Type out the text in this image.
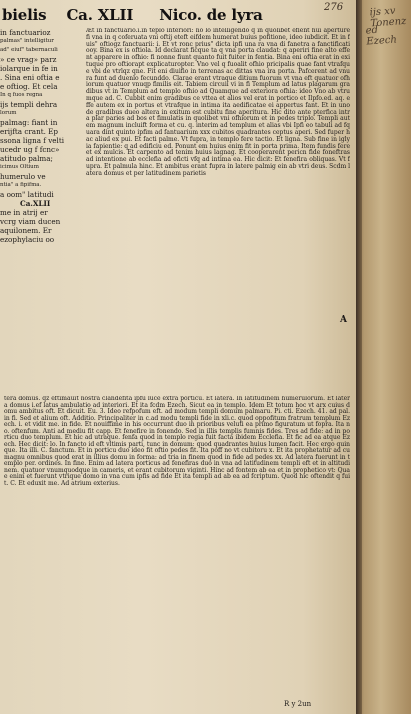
bielis Ca. XLII Nico. de lyra	276
in fanctuarioz
palmas" intelligitur
ad" eiuf" tabernaculi
» ce vrag» parz
iolarque in fe in
. Sina eni oftia e
e oftiog. Et cela
In q fuos regna
ijs templi dehra
lorum
palmag: fiant in
erijfta crant. Ep
ssona ligna f velti
ucedr ug f fcnc»
atitudo palma;
icimus Oltium
humerulo ve
ntia" a fipifma.
a oom" latitudi
Ca.XLII
me in atrij er
vcrg viam ducen
aquilonem. Er
ezophylaciu oo
Æt in fanctuario.i.in teplo interiori: no lo intelligendo q in quolibet eflent hui aperture fi vna in q coferuata vni oftij eteft eifdem humerat buius pofitione, ideo iubdicit. Et in fuis" oftiogz fanctuarii: i. Et vt ronc prius" dicta ipfi una ra vna di fanetra a fanctificatiooy. Bina ex is oftiola. Id declarat ficque ta q vna porta claudat: q aperiri fine alto effent apparere in ofhio: fi nonne fiunt quanto fuit fuiter in fentia. Bina eni oftia erat in exituque pro oftiorapt explicaturopter. Vno vel q fuoalit ofhio pricipalis quae fant vtrafque vbi de vtrlqz qne. Fit eni diuifio in terrenas ac dittas vna ira porta. Pafcerent ad vnu ra funt ad duenlo fecunddo. Clarae erant vtraque ditium fuorum vt vna eft quatuor ofhiorum quatuor vnuqp fimilis eit. Tabiem circuii vi in fi Templum ad latus plagarum gradibus vt in Templum ad templo ofhio ad Quamque ad exteriora ofhia: ideo Vno ab vtrumque ad. C. Cubbit enim gradibus ce vttea et alios vel erat in portico et Ilpfo.ed. aq. effe autem ex in portus et vtrafque in intima ita aedificatae ei appertus fant. Et in uno de gradibus dueo altera in exitum est cubitu fine aperitura. Hic dito ante pterfica intra plar paries ad bos et fimulatis in quolibet vni ofhiorum et in pedes triplo. Templi autem magnum incluift forma et cu. q. interim ad templum et alias vbi Ipfi eo tabuli ad fquara dint quinto ipfim ad fantuarium xxx cubitos quadrantes ceptus aperi. Sed fuper hac aliud ex pui. Et facti palme. Vt fupra, in templo fere tactio. Et ligna. Sub fine in iglyia fapientie: q ad edificiu ed. Ponunt em huius enim fit in porta prima. Item fundis fere et ex mulcis. Et carpento ad tenim huius lagnag. Et cooperarent pericn fide foneftras ad intentione ab ecclefia ad oficti vfq ad intima ea. Hic dicit: Et fenefira obliquas. Vt fupra. Et palmula hinc. Et ambitus erant fupra in latere palmig ein ab vtri deus. Scdm latera domus et per latitudinem parietis
A
tera domus. qz eftimauit nostra clandefita ipfu luce extra porticu. Et latera. In latitudinem humerulorum. Et latera domus i.ef latus ambulatio ad interiori. Et ita fcdm Ezech. Sicut ea in templo. Idem Et totum hoc vt arx cuius domu ambitus oft. Et dicuit. Eu. 3. Ideo refpofum eft. ad modum templi domum palmaru. Pi. cti. Ezech. 41. ad pal. in fi. Sed et alium oft. Additio. Principaliter in c.ad modu templi fide in xli.c. quod oppofitum fratrum templum Ezech. i. et vidit me. in fide. Et nouiffime in his occurrunt duo in prioribus veluti ea primo figuratum ut fopra. Ita no. oftenfum. Anti ad mediu fit capp. Et fenefire in fonendo. Sed in illis templis fumnis fides. Tres ad fide: ad in porticu duo templum. Et hic ad utraque. fenfa quod in templo regia fuit facta ibidem Ecclefia. Et fic ad ea atque Ezech. Hec dicit: lo. In fancto id eft vltimis parti, tunc in domum: quod quadrantes huius lumen facit. Hec ergo quinque. Ita illi. C. fanctum. Et in porticu duo ideo fit oftio pedes fit. Ita poff no vt cubitoru x. Et ita prophetatur ad cu magnu omnibus quod erat in illius domu in forma: ad tria in finem quod in fide ad pedes xx. Ad latera fuerunt in templo per. ordines. In fine. Enim ad latera porticus ad fenefiras duo in vna ad latitudinem templi eft et in altitudinem. quatuor vnumquodque in cameris, et erant cubitorum viginti. Hinc ad fontem ab ea et in prophetico vt: Quae enim et fuerunt vtrique domo in vna cum ipfis ad fide Et ita templi ad ab ea ad fcriptum. Quod hic oftendit q fuit. C. Et eduxit me. Ad atrium exterius.
R y 2un
ijs xv Tonenz
ed Ezech
